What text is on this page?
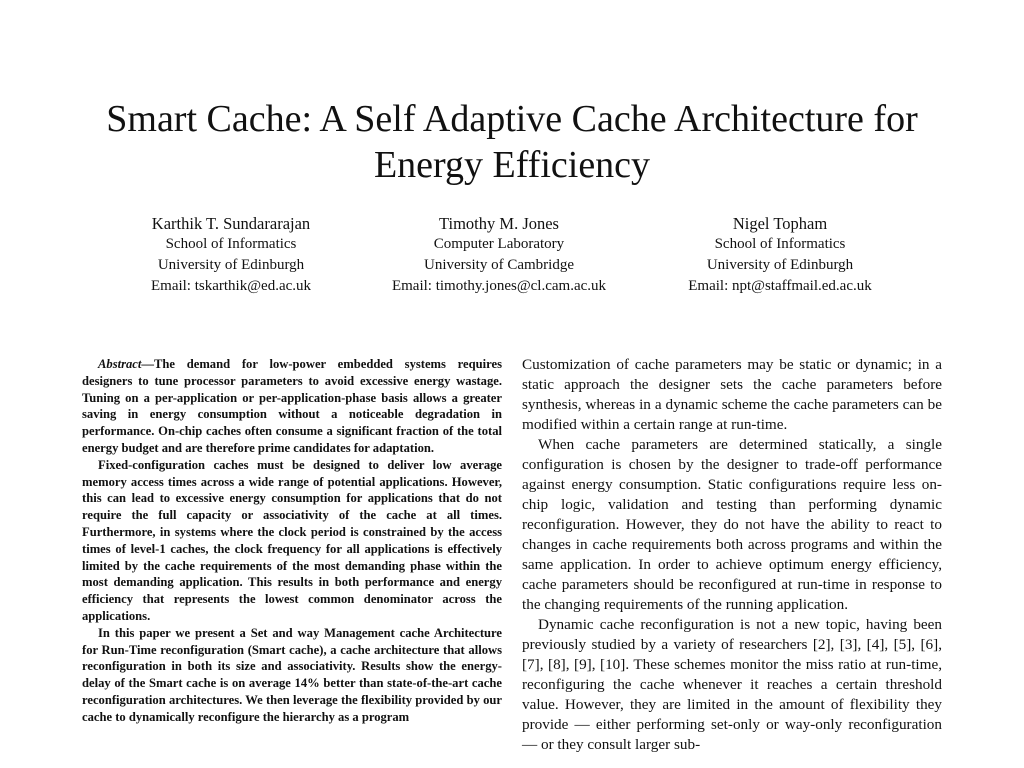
Smart Cache: A Self Adaptive Cache Architecture for Energy Efficiency
Karthik T. Sundararajan
School of Informatics
University of Edinburgh
Email: tskarthik@ed.ac.uk
Timothy M. Jones
Computer Laboratory
University of Cambridge
Email: timothy.jones@cl.cam.ac.uk
Nigel Topham
School of Informatics
University of Edinburgh
Email: npt@staffmail.ed.ac.uk

Abstract—The demand for low-power embedded systems requires designers to tune processor parameters to avoid excessive energy wastage. Tuning on a per-application or per-application-phase basis allows a greater saving in energy consumption without a noticeable degradation in performance. On-chip caches often consume a significant fraction of the total energy budget and are therefore prime candidates for adaptation.

Fixed-configuration caches must be designed to deliver low average memory access times across a wide range of potential applications. However, this can lead to excessive energy consumption for applications that do not require the full capacity or associativity of the cache at all times. Furthermore, in systems where the clock period is constrained by the access times of level-1 caches, the clock frequency for all applications is effectively limited by the cache requirements of the most demanding phase within the most demanding application. This results in both performance and energy efficiency that represents the lowest common denominator across the applications.

In this paper we present a Set and way Management cache Architecture for Run-Time reconfiguration (Smart cache), a cache architecture that allows reconfiguration in both its size and associativity. Results show the energy-delay of the Smart cache is on average 14% better than state-of-the-art cache reconfiguration architectures. We then leverage the flexibility provided by our cache to dynamically reconfigure the hierarchy as a program

Customization of cache parameters may be static or dynamic; in a static approach the designer sets the cache parameters before synthesis, whereas in a dynamic scheme the cache parameters can be modified within a certain range at run-time.

When cache parameters are determined statically, a single configuration is chosen by the designer to trade-off performance against energy consumption. Static configurations require less on-chip logic, validation and testing than performing dynamic reconfiguration. However, they do not have the ability to react to changes in cache requirements both across programs and within the same application. In order to achieve optimum energy efficiency, cache parameters should be reconfigured at run-time in response to the changing requirements of the running application.

Dynamic cache reconfiguration is not a new topic, having been previously studied by a variety of researchers [2], [3], [4], [5], [6], [7], [8], [9], [10]. These schemes monitor the miss ratio at run-time, reconfiguring the cache whenever it reaches a certain threshold value. However, they are limited in the amount of flexibility they provide — either performing set-only or way-only reconfiguration — or they consult larger sub-
